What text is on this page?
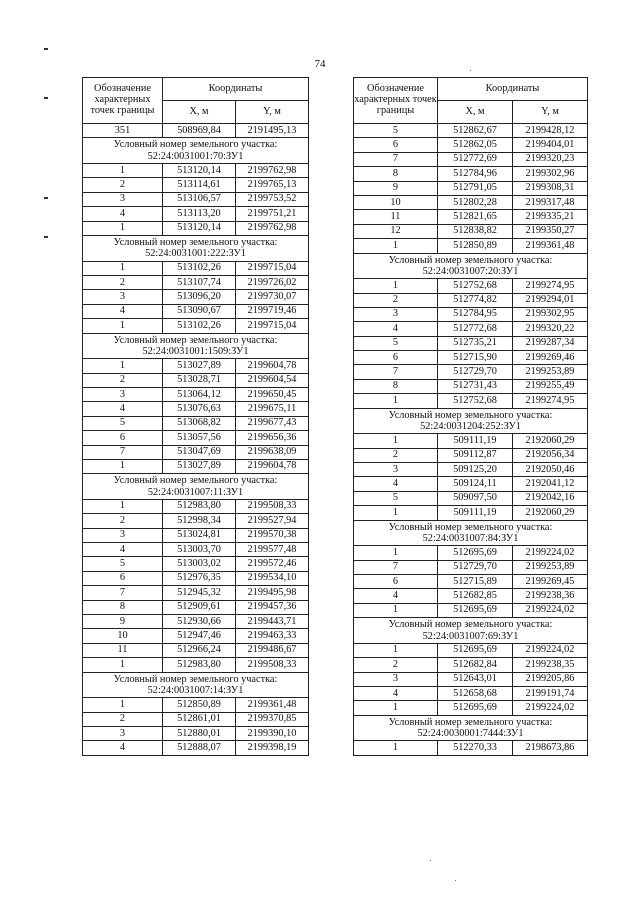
74
Обозначение характерных точек границы	Координаты	
	X, м	Y, м
351	508969,84	2191495,13

Условный номер земельного участка:
52:24:0031001:70:ЗУ1		

1	513120,14	2199762,98
2	513114,61	2199765,13
3	513106,57	2199753,52
4	513113,20	2199751,21
1	513120,14	2199762,98

Условный номер земельного участка:
52:24:0031001:222:ЗУ1		

1	513102,26	2199715,04
2	513107,74	2199726,02
3	513096,20	2199730,07
4	513090,67	2199719,46
1	513102,26	2199715,04

Условный номер земельного участка:
52:24:0031001:1509:ЗУ1		

1	513027,89	2199604,78
2	513028,71	2199604,54
3	513064,12	2199650,45
4	513076,63	2199675,11
5	513068,82	2199677,43
6	513057,56	2199656,36
7	513047,69	2199638,09
1	513027,89	2199604,78

Условный номер земельного участка:
52:24:0031007:11:ЗУ1		

1	512983,80	2199508,33
2	512998,34	2199527,94
3	513024,81	2199570,38
4	513003,70	2199577,48
5	513003,02	2199572,46
6	512976,35	2199534,10
7	512945,32	2199495,98
8	512909,61	2199457,36
9	512930,66	2199443,71
10	512947,46	2199463,33
11	512966,24	2199486,67
1	512983,80	2199508,33

Условный номер земельного участка:
52:24:0031007:14:ЗУ1		

1	512850,89	2199361,48
2	512861,01	2199370,85
3	512880,01	2199390,10
4	512888,07	2199398,19
Обозначение характерных точек границы	Координаты	
	X, м	Y, м
5	512862,67	2199428,12
6	512862,05	2199404,01
7	512772,69	2199320,23
8	512784,96	2199302,96
9	512791,05	2199308,31
10	512802,28	2199317,48
11	512821,65	2199335,21
12	512838,82	2199350,27
1	512850,89	2199361,48

Условный номер земельного участка:
52:24:0031007:20:ЗУ1		

1	512752,68	2199274,95
2	512774,82	2199294,01
3	512784,95	2199302,95
4	512772,68	2199320,22
5	512735,21	2199287,34
6	512715,90	2199269,46
7	512729,70	2199253,89
8	512731,43	2199255,49
1	512752,68	2199274,95

Условный номер земельного участка:
52:24:0031204:252:ЗУ1		

1	509111,19	2192060,29
2	509112,87	2192056,34
3	509125,20	2192050,46
4	509124,11	2192041,12
5	509097,50	2192042,16
1	509111,19	2192060,29

Условный номер земельного участка:
52:24:0031007:84:ЗУ1		

1	512695,69	2199224,02
7	512729,70	2199253,89
6	512715,89	2199269,45
4	512682,85	2199238,36
1	512695,69	2199224,02

Условный номер земельного участка:
52:24:0031007:69:ЗУ1		

1	512695,69	2199224,02
2	512682,84	2199238,35
3	512643,01	2199205,86
4	512658,68	2199191,74
1	512695,69	2199224,02

Условный номер земельного участка:
52:24:0030001:7444:ЗУ1		

1	512270,33	2198673,86
